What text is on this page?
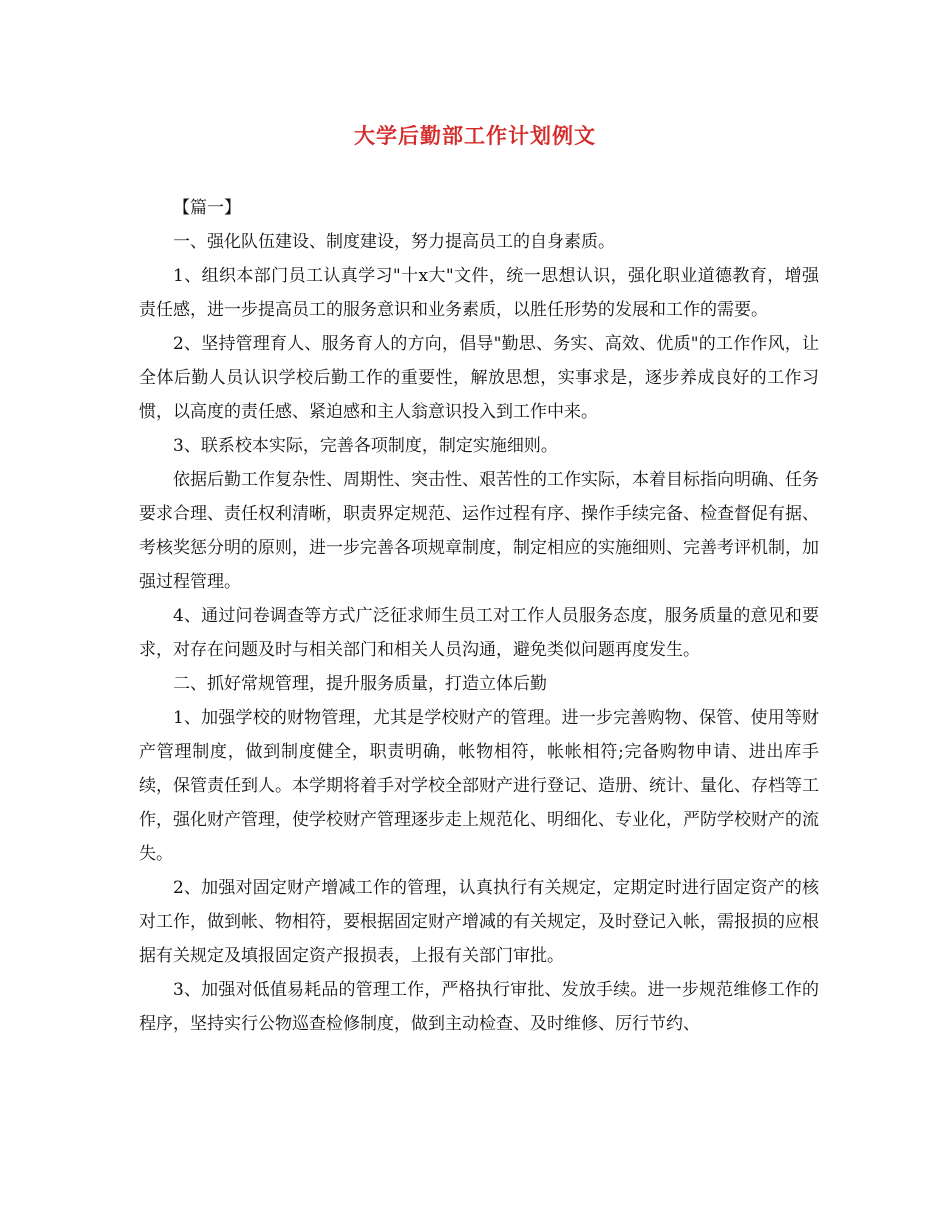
大学后勤部工作计划例文

【篇一】

一、强化队伍建设、制度建设，努力提高员工的自身素质。

1、组织本部门员工认真学习"十x大"文件，统一思想认识，强化职业道德教育，增强责任感，进一步提高员工的服务意识和业务素质，以胜任形势的发展和工作的需要。

2、坚持管理育人、服务育人的方向，倡导"勤思、务实、高效、优质"的工作作风，让全体后勤人员认识学校后勤工作的重要性，解放思想，实事求是，逐步养成良好的工作习惯，以高度的责任感、紧迫感和主人翁意识投入到工作中来。

3、联系校本实际，完善各项制度，制定实施细则。

依据后勤工作复杂性、周期性、突击性、艰苦性的工作实际，本着目标指向明确、任务要求合理、责任权利清晰，职责界定规范、运作过程有序、操作手续完备、检查督促有据、考核奖惩分明的原则，进一步完善各项规章制度，制定相应的实施细则、完善考评机制，加强过程管理。

4、通过问卷调查等方式广泛征求师生员工对工作人员服务态度，服务质量的意见和要求，对存在问题及时与相关部门和相关人员沟通，避免类似问题再度发生。

二、抓好常规管理，提升服务质量，打造立体后勤

1、加强学校的财物管理，尤其是学校财产的管理。进一步完善购物、保管、使用等财产管理制度，做到制度健全，职责明确，帐物相符，帐帐相符;完备购物申请、进出库手续，保管责任到人。本学期将着手对学校全部财产进行登记、造册、统计、量化、存档等工作，强化财产管理，使学校财产管理逐步走上规范化、明细化、专业化，严防学校财产的流失。

2、加强对固定财产增减工作的管理，认真执行有关规定，定期定时进行固定资产的核对工作，做到帐、物相符，要根据固定财产增减的有关规定，及时登记入帐，需报损的应根据有关规定及填报固定资产报损表，上报有关部门审批。

3、加强对低值易耗品的管理工作，严格执行审批、发放手续。进一步规范维修工作的程序，坚持实行公物巡查检修制度，做到主动检查、及时维修、厉行节约、
